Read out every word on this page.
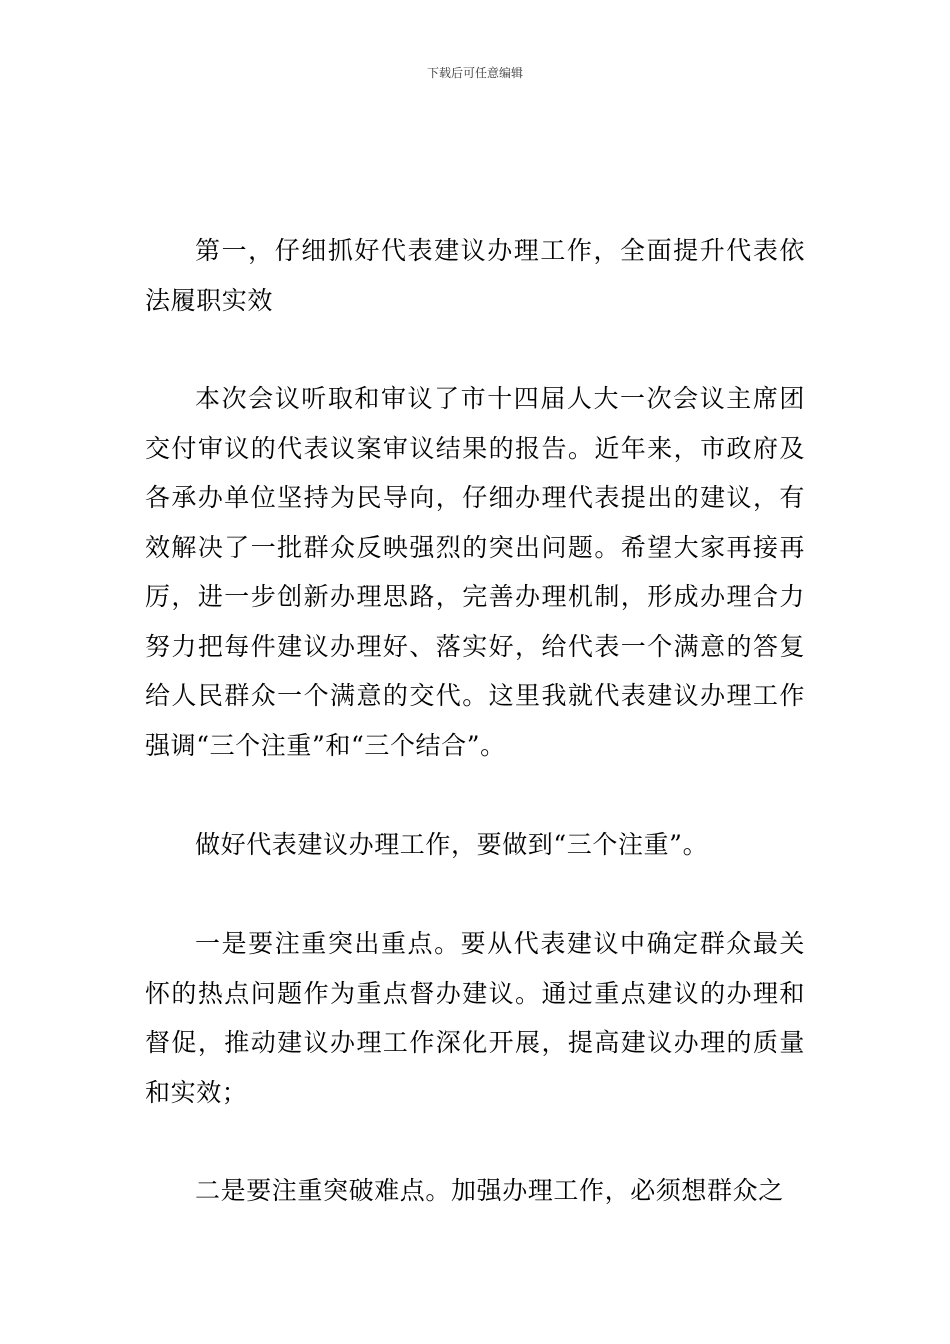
下载后可任意编辑

第一，仔细抓好代表建议办理工作，全面提升代表依法履职实效

本次会议听取和审议了市十四届人大一次会议主席团交付审议的代表议案审议结果的报告。近年来，市政府及各承办单位坚持为民导向，仔细办理代表提出的建议，有效解决了一批群众反映强烈的突出问题。希望大家再接再厉，进一步创新办理思路，完善办理机制，形成办理合力努力把每件建议办理好、落实好，给代表一个满意的答复给人民群众一个满意的交代。这里我就代表建议办理工作强调“三个注重”和“三个结合”。

做好代表建议办理工作，要做到“三个注重”。

一是要注重突出重点。要从代表建议中确定群众最关怀的热点问题作为重点督办建议。通过重点建议的办理和督促，推动建议办理工作深化开展，提高建议办理的质量和实效；

二是要注重突破难点。加强办理工作，必须想群众之
